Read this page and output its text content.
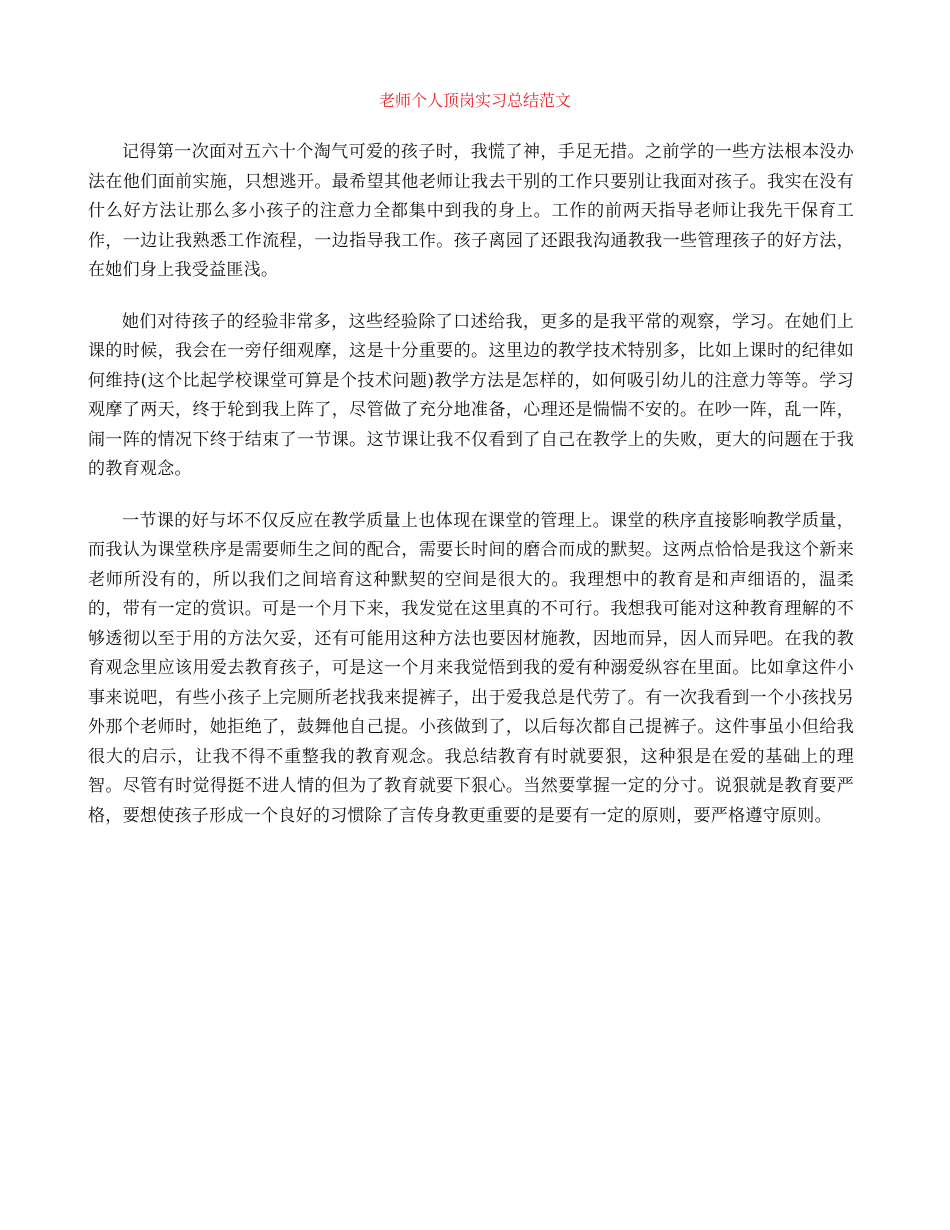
老师个人顶岗实习总结范文

记得第一次面对五六十个淘气可爱的孩子时，我慌了神，手足无措。之前学的一些方法根本没办法在他们面前实施，只想逃开。最希望其他老师让我去干别的工作只要别让我面对孩子。我实在没有什么好方法让那么多小孩子的注意力全都集中到我的身上。工作的前两天指导老师让我先干保育工作，一边让我熟悉工作流程，一边指导我工作。孩子离园了还跟我沟通教我一些管理孩子的好方法，在她们身上我受益匪浅。

她们对待孩子的经验非常多，这些经验除了口述给我，更多的是我平常的观察，学习。在她们上课的时候，我会在一旁仔细观摩，这是十分重要的。这里边的教学技术特别多，比如上课时的纪律如何维持(这个比起学校课堂可算是个技术问题)教学方法是怎样的，如何吸引幼儿的注意力等等。学习观摩了两天，终于轮到我上阵了，尽管做了充分地准备，心理还是惴惴不安的。在吵一阵，乱一阵，闹一阵的情况下终于结束了一节课。这节课让我不仅看到了自己在教学上的失败，更大的问题在于我的教育观念。

一节课的好与坏不仅反应在教学质量上也体现在课堂的管理上。课堂的秩序直接影响教学质量，而我认为课堂秩序是需要师生之间的配合，需要长时间的磨合而成的默契。这两点恰恰是我这个新来老师所没有的，所以我们之间培育这种默契的空间是很大的。我理想中的教育是和声细语的，温柔的，带有一定的赏识。可是一个月下来，我发觉在这里真的不可行。我想我可能对这种教育理解的不够透彻以至于用的方法欠妥，还有可能用这种方法也要因材施教，因地而异，因人而异吧。在我的教育观念里应该用爱去教育孩子，可是这一个月来我觉悟到我的爱有种溺爱纵容在里面。比如拿这件小事来说吧，有些小孩子上完厕所老找我来提裤子，出于爱我总是代劳了。有一次我看到一个小孩找另外那个老师时，她拒绝了，鼓舞他自己提。小孩做到了，以后每次都自己提裤子。这件事虽小但给我很大的启示，让我不得不重整我的教育观念。我总结教育有时就要狠，这种狠是在爱的基础上的理智。尽管有时觉得挺不进人情的但为了教育就要下狠心。当然要掌握一定的分寸。说狠就是教育要严格，要想使孩子形成一个良好的习惯除了言传身教更重要的是要有一定的原则，要严格遵守原则。
